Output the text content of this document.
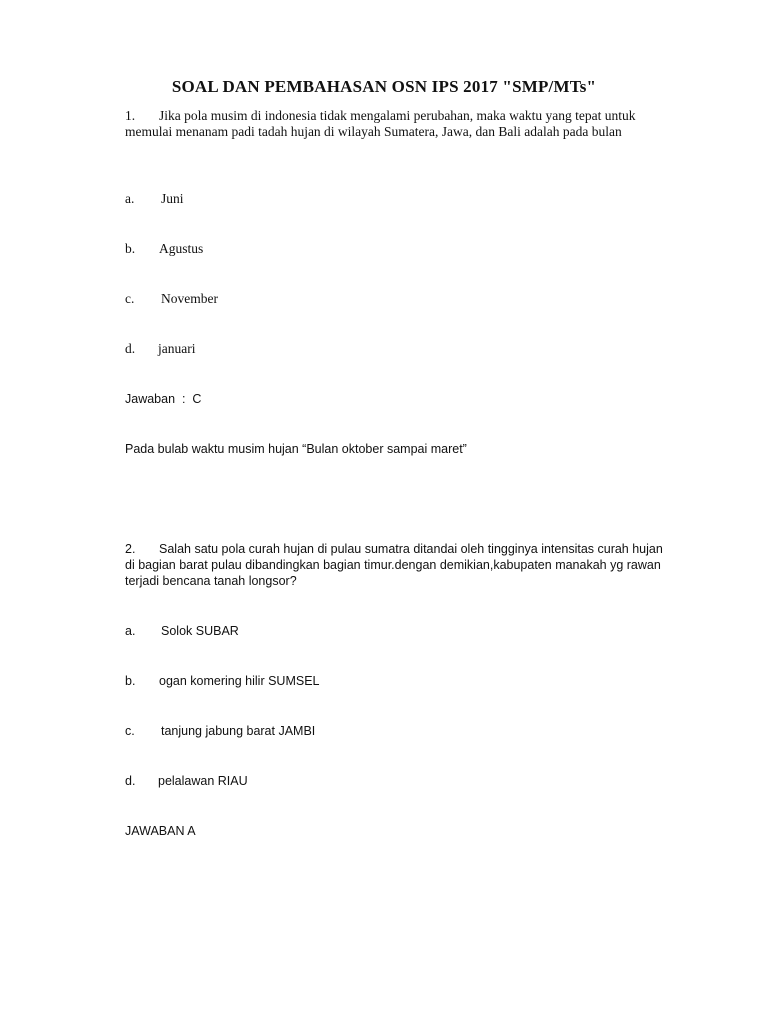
SOAL DAN PEMBAHASAN OSN IPS 2017 "SMP/MTs"
1. Jika pola musim di indonesia tidak mengalami perubahan, maka waktu yang tepat untuk memulai menanam padi tadah hujan di wilayah Sumatera, Jawa, dan Bali adalah pada bulan
a. Juni
b. Agustus
c. November
d. januari
Jawaban  :  C
Pada bulab waktu musim hujan “Bulan oktober sampai maret”
2. Salah satu pola curah hujan di pulau sumatra ditandai oleh tingginya intensitas curah hujan di bagian barat pulau dibandingkan bagian timur.dengan demikian,kabupaten manakah yg rawan terjadi bencana tanah longsor?
a. Solok SUBAR
b. ogan komering hilir SUMSEL
c. tanjung jabung barat JAMBI
d. pelalawan RIAU
JAWABAN A
